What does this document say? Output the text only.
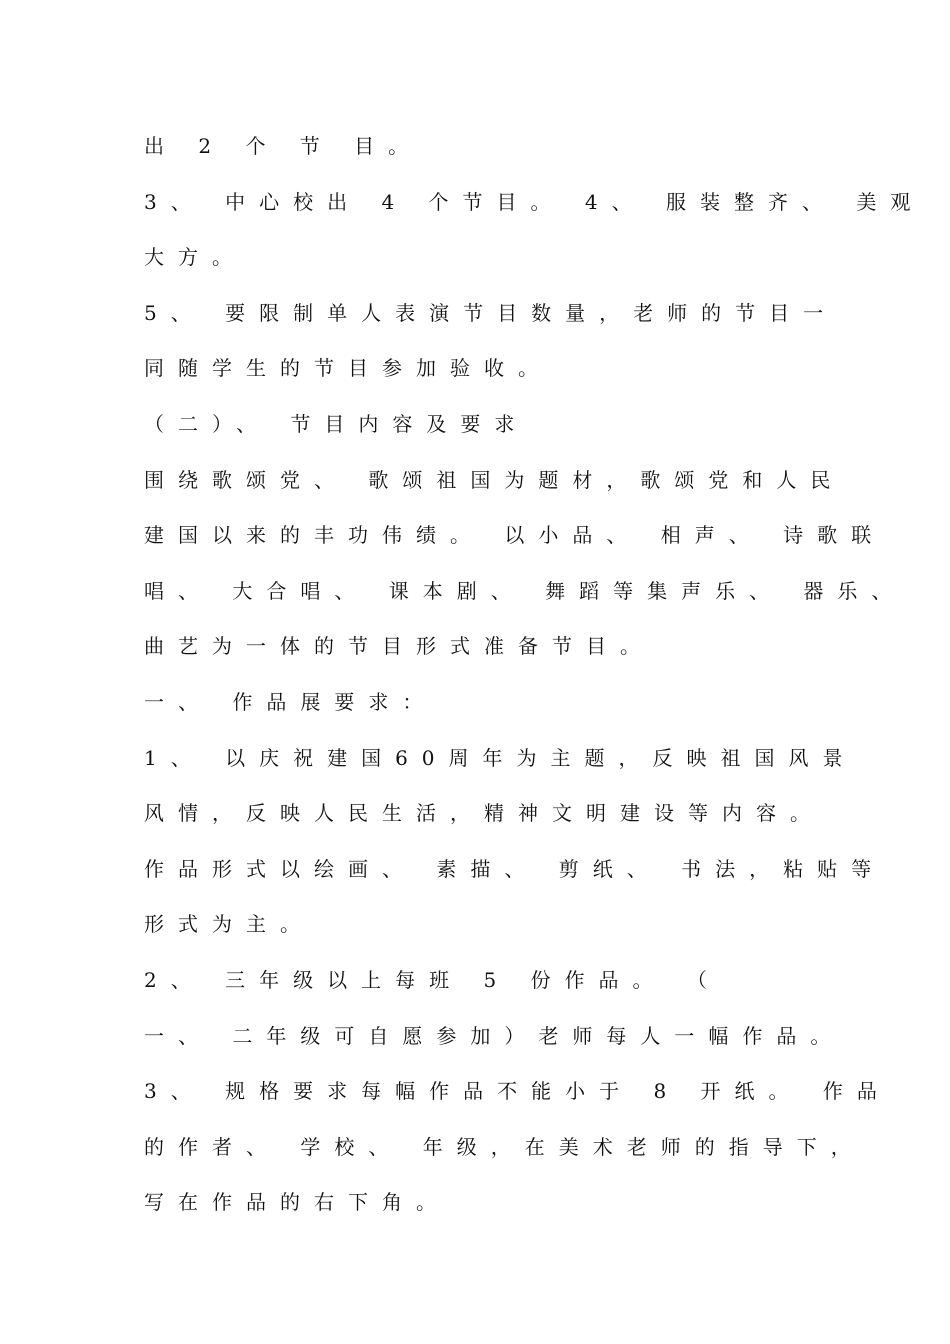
出 2 个 节 目。
3、 中心校出 4 个节目。 4、 服装整齐、 美观
大方。
5、 要限制单人表演节目数量，老师的节目一
同随学生的节目参加验收。
（二）、 节目内容及要求
围绕歌颂党、 歌颂祖国为题材，歌颂党和人民
建国以来的丰功伟绩。 以小品、 相声、 诗歌联
唱、 大合唱、 课本剧、 舞蹈等集声乐、 器乐、
曲艺为一体的节目形式准备节目。
一、 作品展要求：
1、 以庆祝建国60周年为主题，反映祖国风景
风情，反映人民生活，精神文明建设等内容。
作品形式以绘画、 素描、 剪纸、 书法，粘贴等
形式为主。
2、 三年级以上每班 5 份作品。 （
一、 二年级可自愿参加）老师每人一幅作品。
3、 规格要求每幅作品不能小于 8 开纸。 作品
的作者、 学校、 年级，在美术老师的指导下，
写在作品的右下角。
